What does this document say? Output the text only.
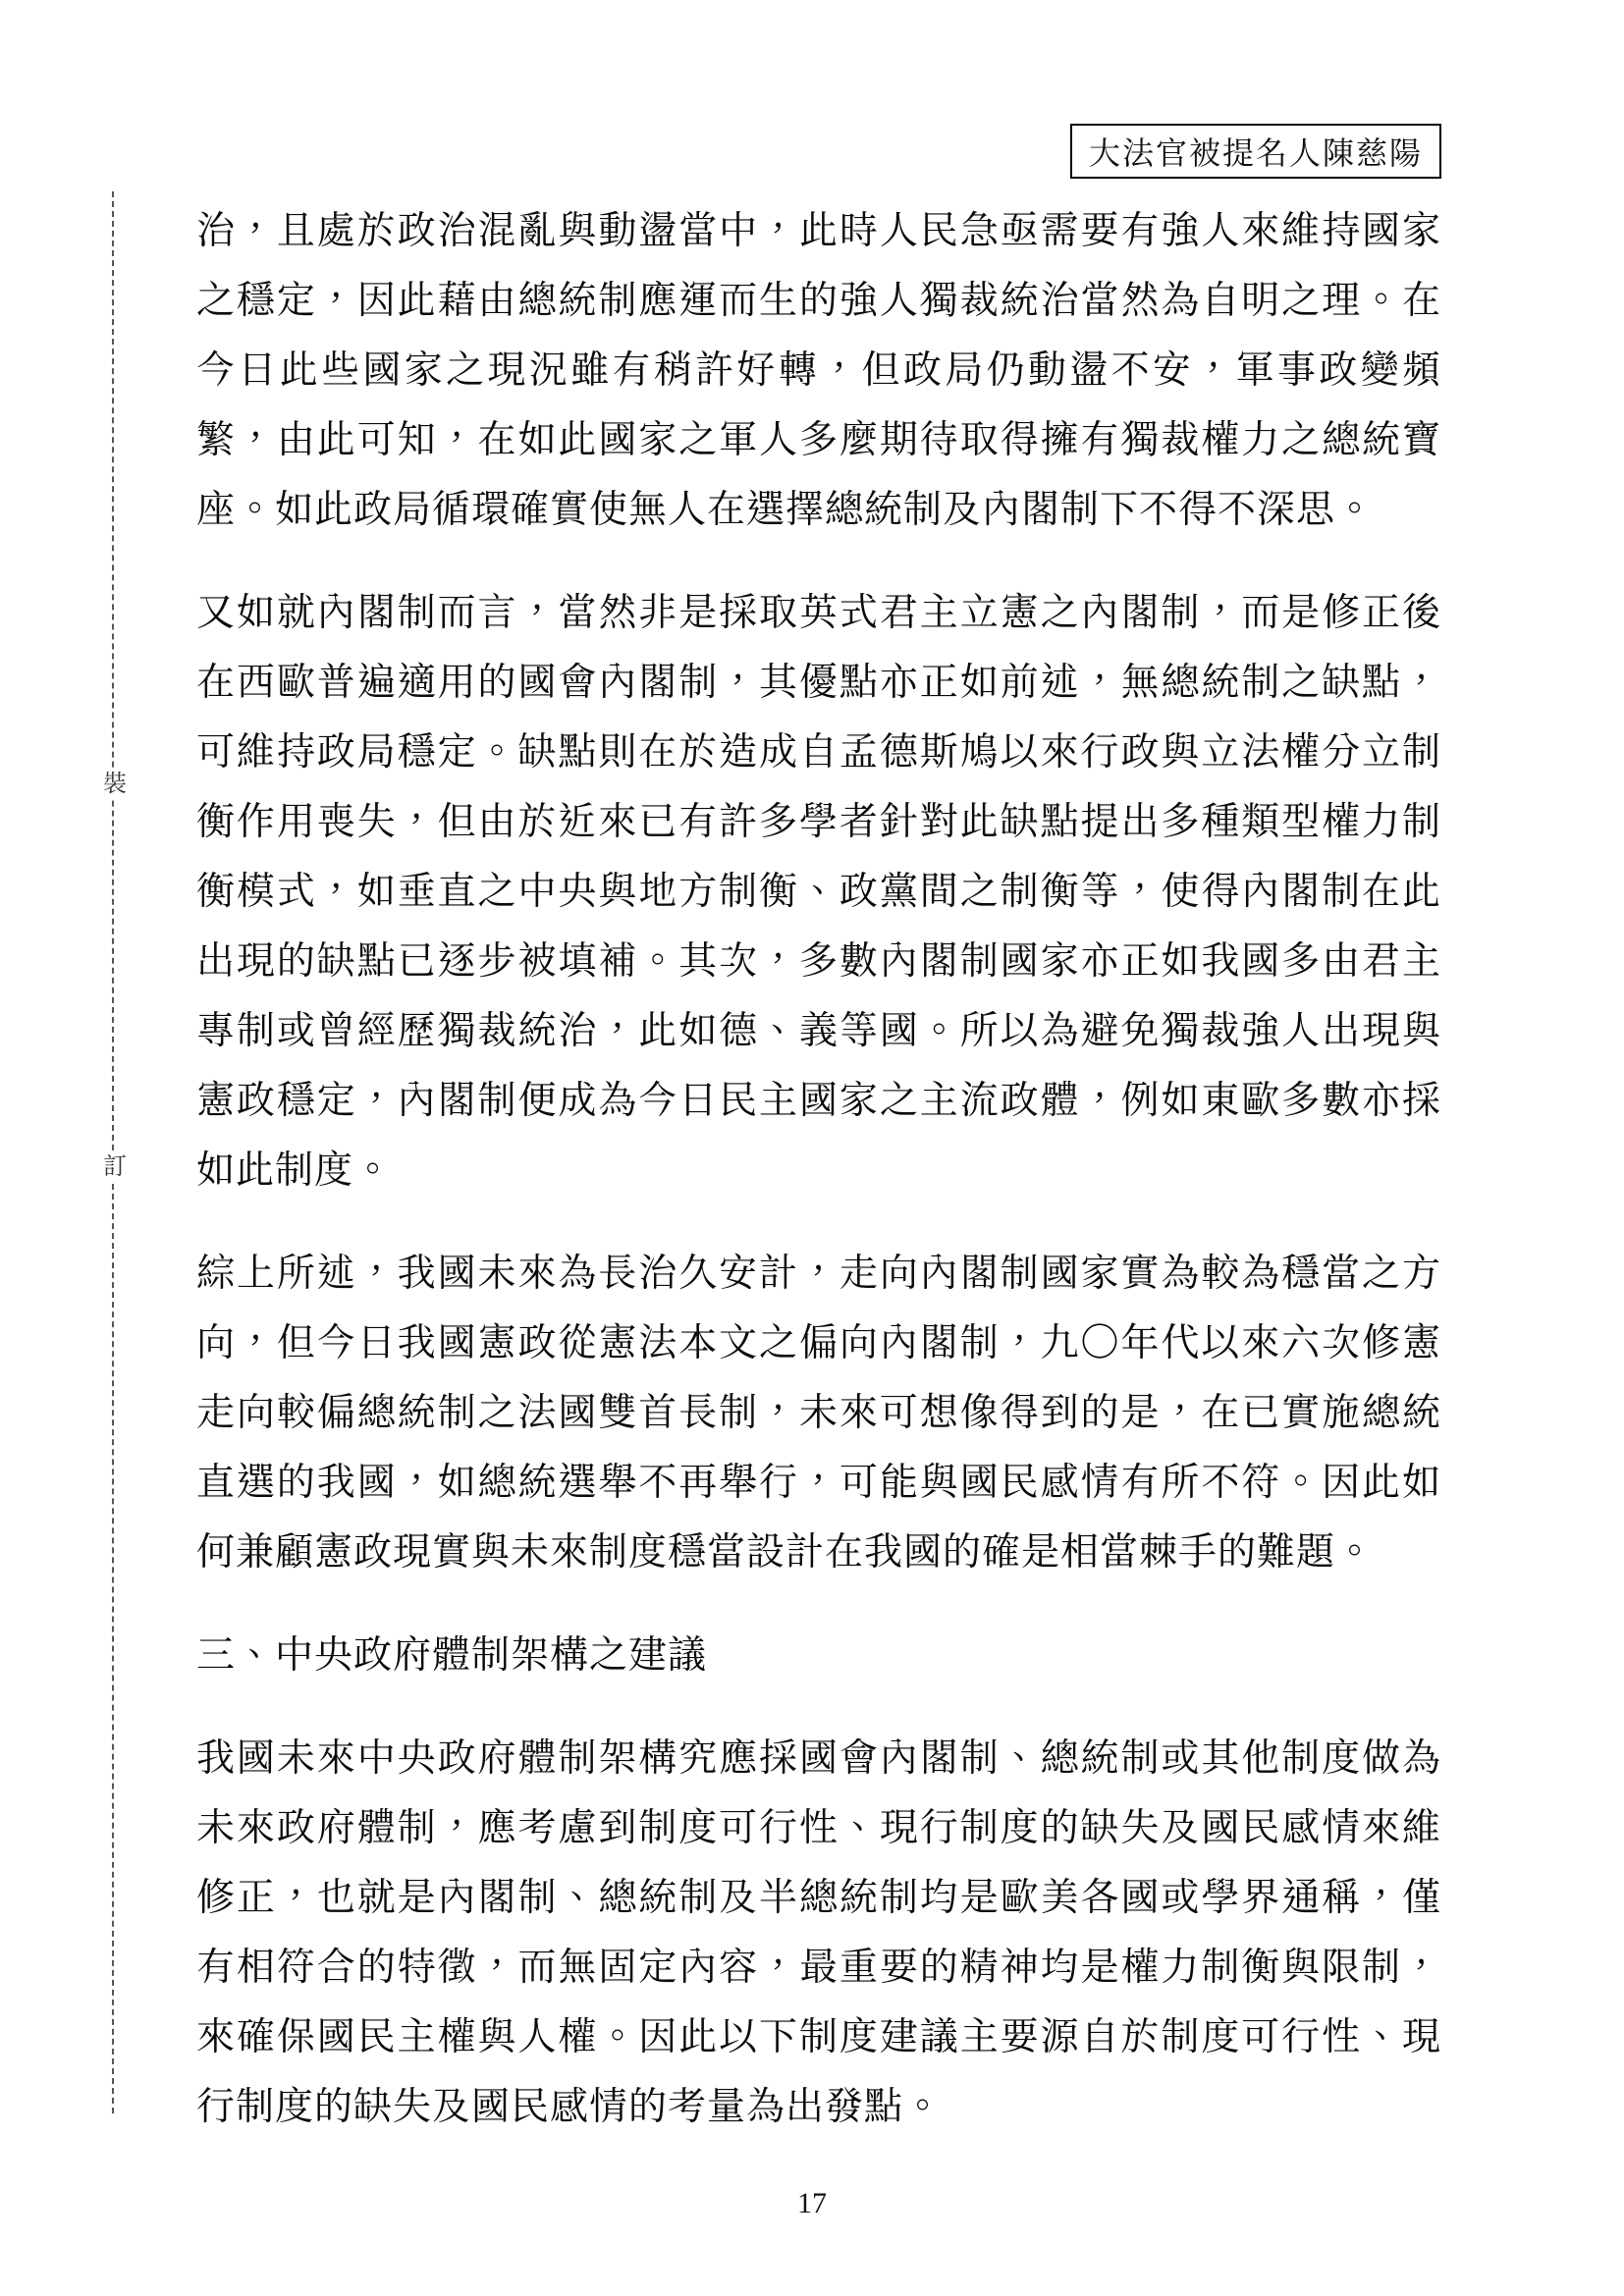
裝
訂
大法官被提名人陳慈陽

治，且處於政治混亂與動盪當中，此時人民急亟需要有強人來維持國家之穩定，因此藉由總統制應運而生的強人獨裁統治當然為自明之理。在今日此些國家之現況雖有稍許好轉，但政局仍動盪不安，軍事政變頻繁，由此可知，在如此國家之軍人多麼期待取得擁有獨裁權力之總統寶座。如此政局循環確實使無人在選擇總統制及內閣制下不得不深思。

又如就內閣制而言，當然非是採取英式君主立憲之內閣制，而是修正後在西歐普遍適用的國會內閣制，其優點亦正如前述，無總統制之缺點，可維持政局穩定。缺點則在於造成自孟德斯鳩以來行政與立法權分立制衡作用喪失，但由於近來已有許多學者針對此缺點提出多種類型權力制衡模式，如垂直之中央與地方制衡、政黨間之制衡等，使得內閣制在此出現的缺點已逐步被填補。其次，多數內閣制國家亦正如我國多由君主專制或曾經歷獨裁統治，此如德、義等國。所以為避免獨裁強人出現與憲政穩定，內閣制便成為今日民主國家之主流政體，例如東歐多數亦採如此制度。

綜上所述，我國未來為長治久安計，走向內閣制國家實為較為穩當之方向，但今日我國憲政從憲法本文之偏向內閣制，九〇年代以來六次修憲走向較偏總統制之法國雙首長制，未來可想像得到的是，在已實施總統直選的我國，如總統選舉不再舉行，可能與國民感情有所不符。因此如何兼顧憲政現實與未來制度穩當設計在我國的確是相當棘手的難題。

三、中央政府體制架構之建議

我國未來中央政府體制架構究應採國會內閣制、總統制或其他制度做為未來政府體制，應考慮到制度可行性、現行制度的缺失及國民感情來維修正，也就是內閣制、總統制及半總統制均是歐美各國或學界通稱，僅有相符合的特徵，而無固定內容，最重要的精神均是權力制衡與限制，來確保國民主權與人權。因此以下制度建議主要源自於制度可行性、現行制度的缺失及國民感情的考量為出發點。

17
